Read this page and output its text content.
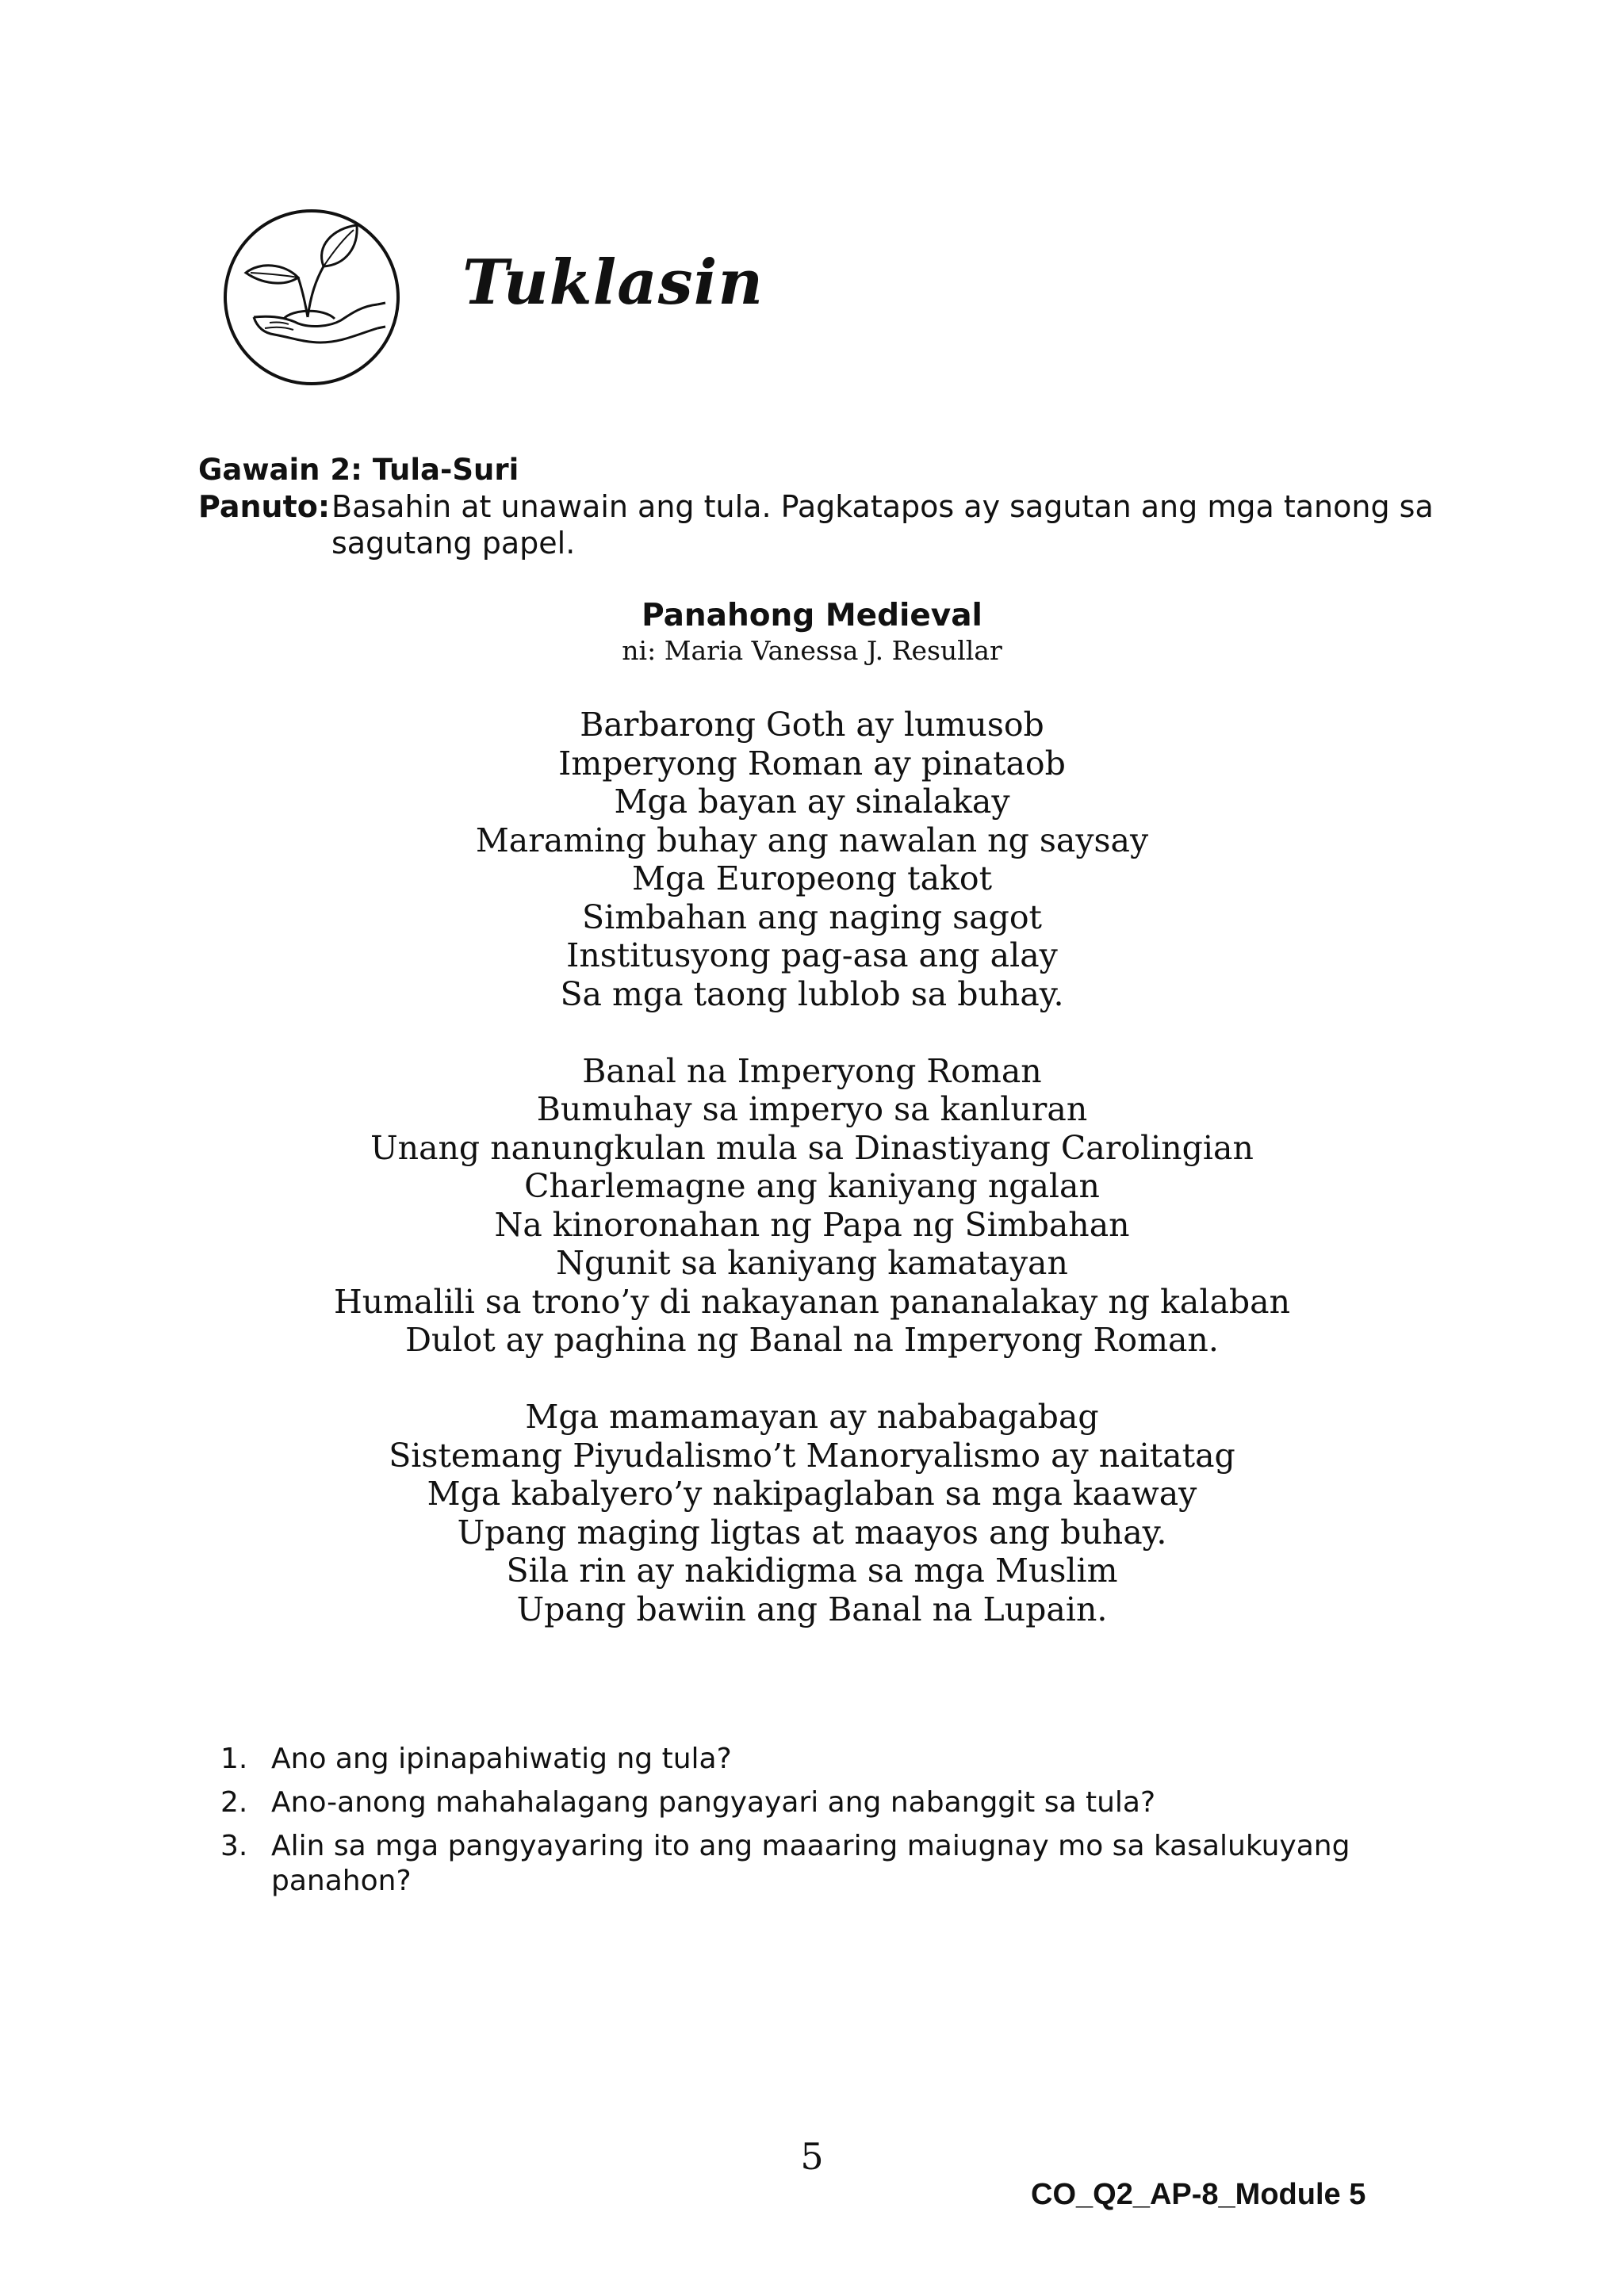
Tuklasin
Gawain 2: Tula-Suri
Panuto: Basahin at unawain ang tula. Pagkatapos ay sagutan ang mga tanong sa sagutang papel.
Panahong Medieval
ni: Maria Vanessa J. Resullar
Barbarong Goth ay lumusob
Imperyong Roman ay pinataob
Mga bayan ay sinalakay
Maraming buhay ang nawalan ng saysay
Mga Europeong takot
Simbahan ang naging sagot
Institusyong pag-asa ang alay
Sa mga taong lublob sa buhay.
Banal na Imperyong Roman
Bumuhay sa imperyo sa kanluran
Unang nanungkulan mula sa Dinastiyang Carolingian
Charlemagne ang kaniyang ngalan
Na kinoronahan ng Papa ng Simbahan
Ngunit sa kaniyang kamatayan
Humalili sa trono’y di nakayanan pananalakay ng kalaban
Dulot ay paghina ng Banal na Imperyong Roman.
Mga mamamayan ay nababagabag
Sistemang Piyudalismo’t Manoryalismo ay naitatag
Mga kabalyero’y nakipaglaban sa mga kaaway
Upang maging ligtas at maayos ang buhay.
Sila rin ay nakidigma sa mga Muslim
Upang bawiin ang Banal na Lupain.
1. Ano ang ipinapahiwatig ng tula?
2. Ano-anong mahahalagang pangyayari ang nabanggit sa tula?
3. Alin sa mga pangyayaring ito ang maaaring maiugnay mo sa kasalukuyang panahon?
5
CO_Q2_AP-8_Module 5
